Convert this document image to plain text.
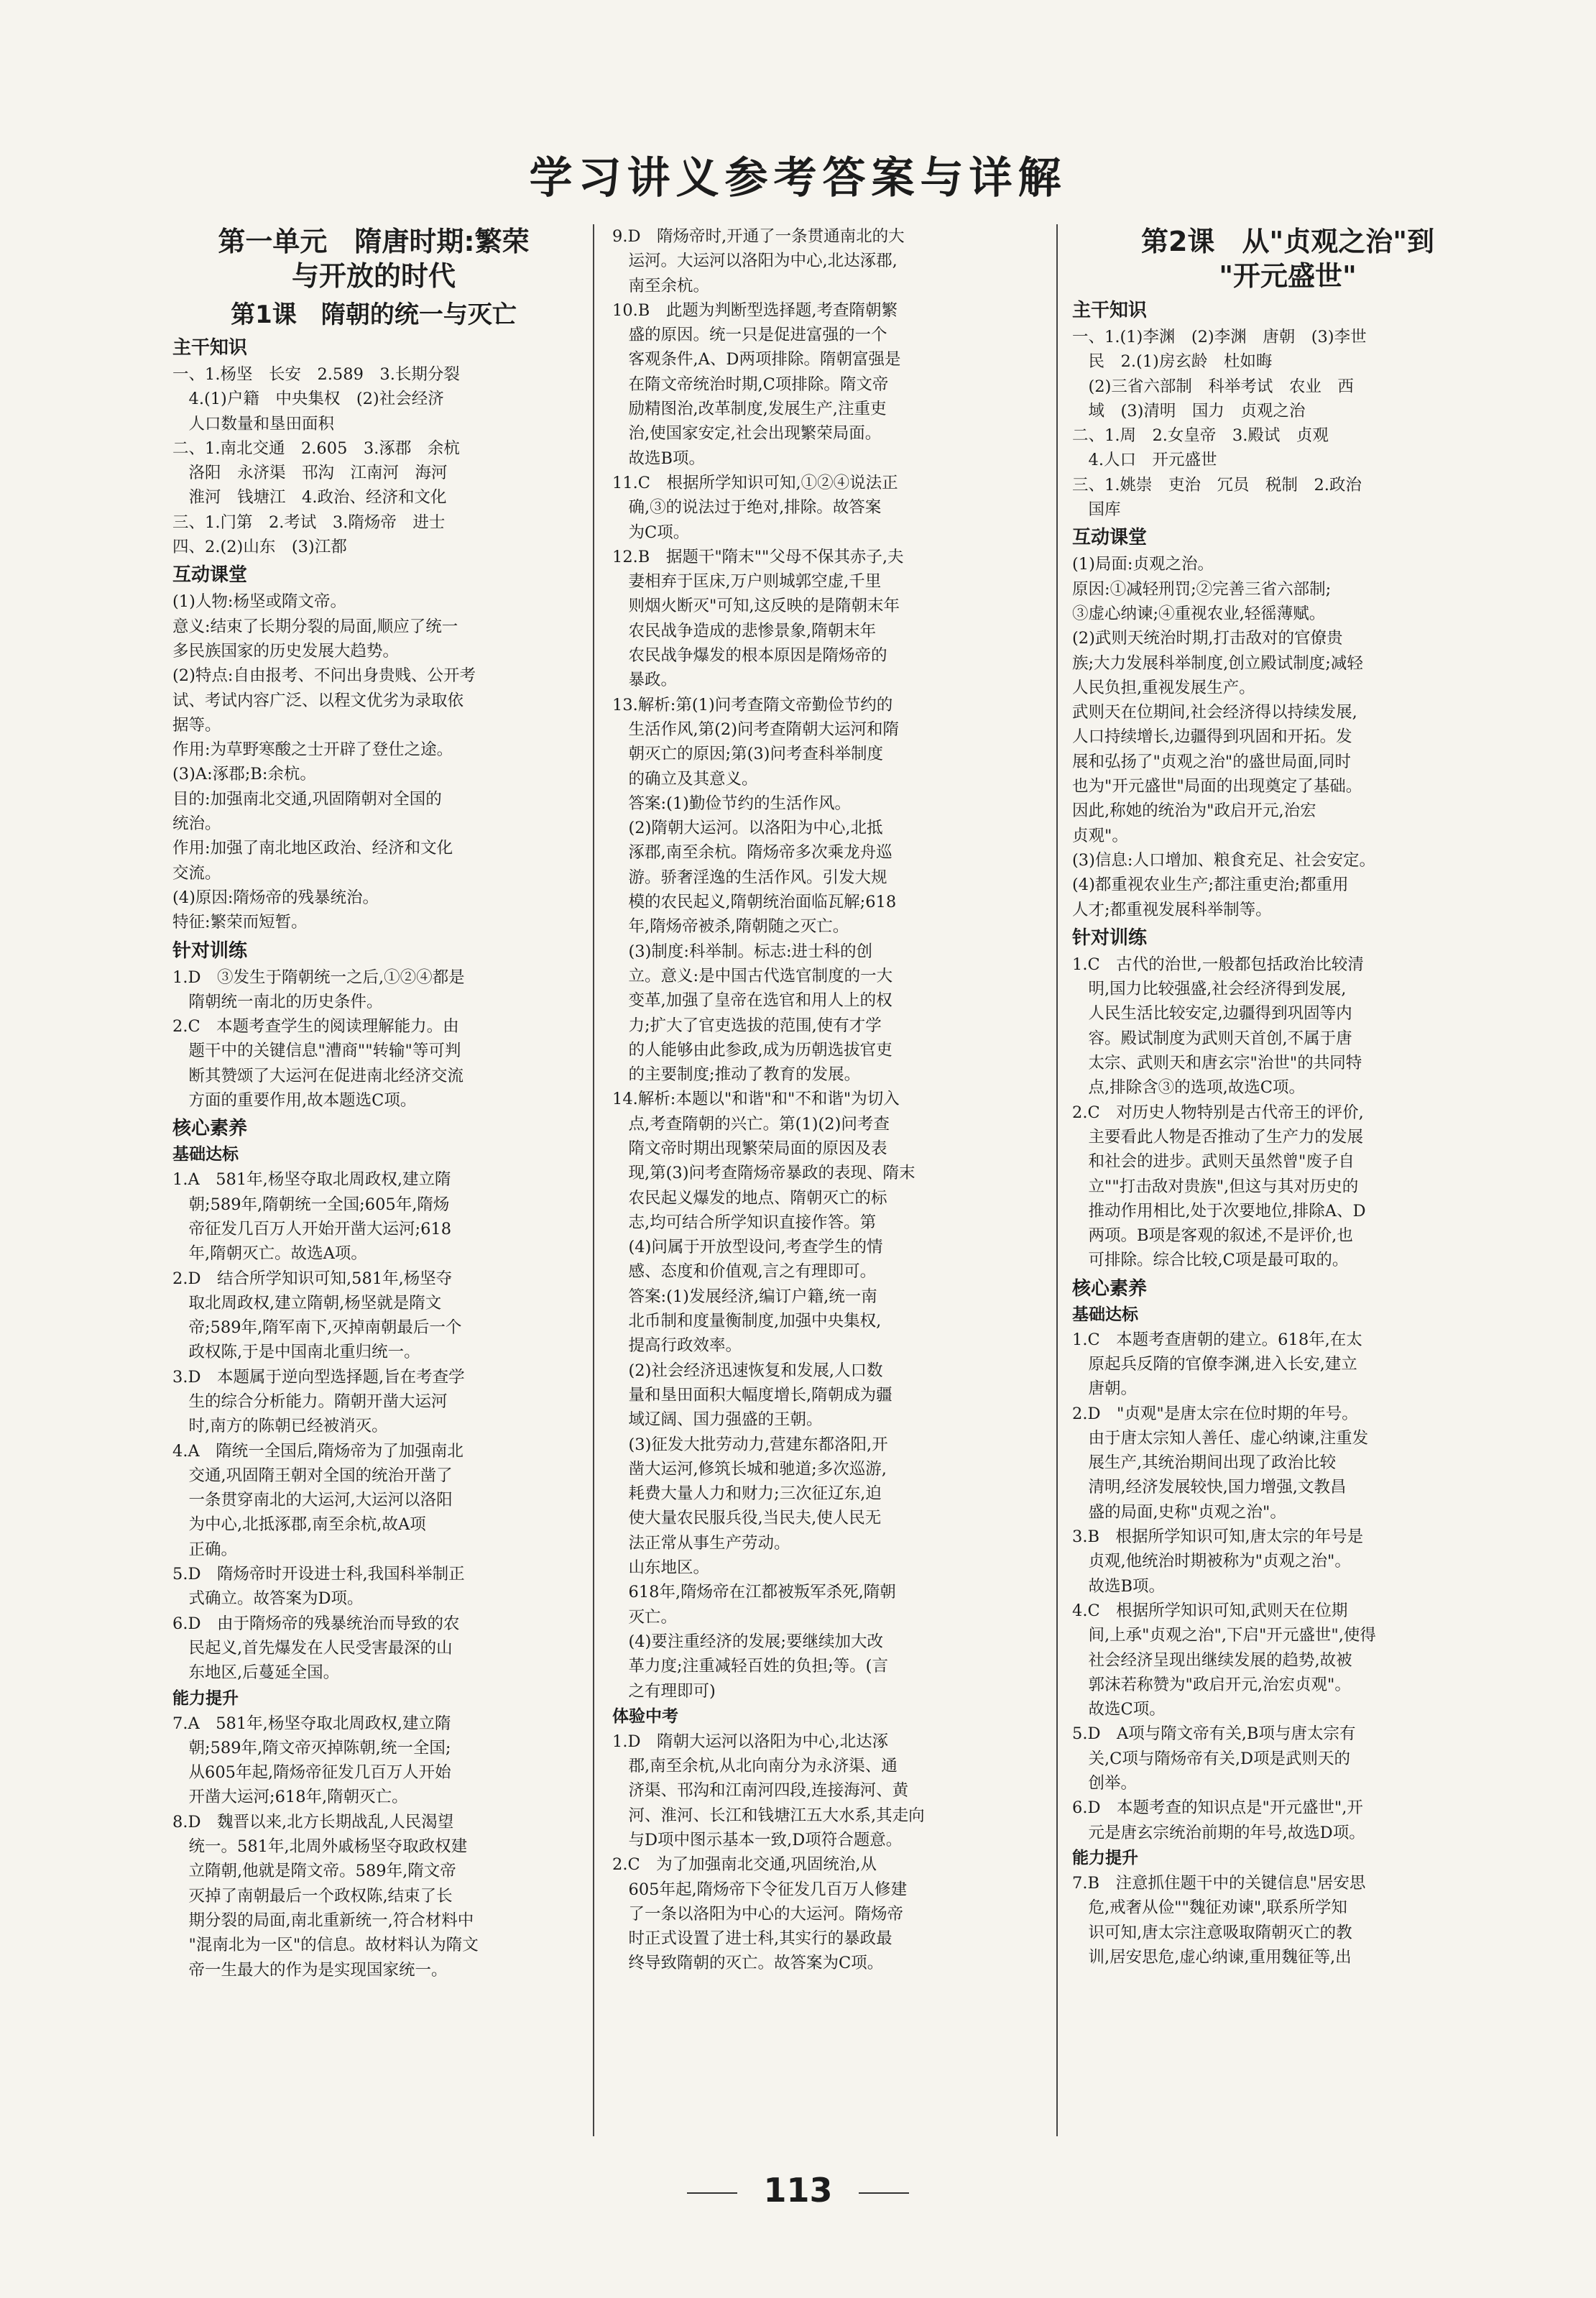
学习讲义参考答案与详解
第一单元　隋唐时期:繁荣
与开放的时代
第1课　隋朝的统一与灭亡
主干知识
一、1.杨坚　长安　2.589　3.长期分裂
　4.(1)户籍　中央集权　(2)社会经济
　人口数量和垦田面积
二、1.南北交通　2.605　3.涿郡　余杭
　洛阳　永济渠　邗沟　江南河　海河
　淮河　钱塘江　4.政治、经济和文化
三、1.门第　2.考试　3.隋炀帝　进士
四、2.(2)山东　(3)江都
互动课堂
(1)人物:杨坚或隋文帝。
意义:结束了长期分裂的局面,顺应了统一
多民族国家的历史发展大趋势。
(2)特点:自由报考、不问出身贵贱、公开考
试、考试内容广泛、以程文优劣为录取依
据等。
作用:为草野寒酸之士开辟了登仕之途。
(3)A:涿郡;B:余杭。
目的:加强南北交通,巩固隋朝对全国的
统治。
作用:加强了南北地区政治、经济和文化
交流。
(4)原因:隋炀帝的残暴统治。
特征:繁荣而短暂。
针对训练
1.D　③发生于隋朝统一之后,①②④都是
　隋朝统一南北的历史条件。
2.C　本题考查学生的阅读理解能力。由
　题干中的关键信息"漕商""转输"等可判
　断其赞颂了大运河在促进南北经济交流
　方面的重要作用,故本题选C项。
核心素养
基础达标
1.A　581年,杨坚夺取北周政权,建立隋
　朝;589年,隋朝统一全国;605年,隋炀
　帝征发几百万人开始开凿大运河;618
　年,隋朝灭亡。故选A项。
2.D　结合所学知识可知,581年,杨坚夺
　取北周政权,建立隋朝,杨坚就是隋文
　帝;589年,隋军南下,灭掉南朝最后一个
　政权陈,于是中国南北重归统一。
3.D　本题属于逆向型选择题,旨在考查学
　生的综合分析能力。隋朝开凿大运河
　时,南方的陈朝已经被消灭。
4.A　隋统一全国后,隋炀帝为了加强南北
　交通,巩固隋王朝对全国的统治开凿了
　一条贯穿南北的大运河,大运河以洛阳
　为中心,北抵涿郡,南至余杭,故A项
　正确。
5.D　隋炀帝时开设进士科,我国科举制正
　式确立。故答案为D项。
6.D　由于隋炀帝的残暴统治而导致的农
　民起义,首先爆发在人民受害最深的山
　东地区,后蔓延全国。
能力提升
7.A　581年,杨坚夺取北周政权,建立隋
　朝;589年,隋文帝灭掉陈朝,统一全国;
　从605年起,隋炀帝征发几百万人开始
　开凿大运河;618年,隋朝灭亡。
8.D　魏晋以来,北方长期战乱,人民渴望
　统一。581年,北周外戚杨坚夺取政权建
　立隋朝,他就是隋文帝。589年,隋文帝
　灭掉了南朝最后一个政权陈,结束了长
　期分裂的局面,南北重新统一,符合材料中
　"混南北为一区"的信息。故材料认为隋文
　帝一生最大的作为是实现国家统一。
9.D　隋炀帝时,开通了一条贯通南北的大
　运河。大运河以洛阳为中心,北达涿郡,
　南至余杭。
10.B　此题为判断型选择题,考查隋朝繁
　盛的原因。统一只是促进富强的一个
　客观条件,A、D两项排除。隋朝富强是
　在隋文帝统治时期,C项排除。隋文帝
　励精图治,改革制度,发展生产,注重吏
　治,使国家安定,社会出现繁荣局面。
　故选B项。
11.C　根据所学知识可知,①②④说法正
　确,③的说法过于绝对,排除。故答案
　为C项。
12.B　据题干"隋末""父母不保其赤子,夫
　妻相弃于匡床,万户则城郭空虚,千里
　则烟火断灭"可知,这反映的是隋朝末年
　农民战争造成的悲惨景象,隋朝末年
　农民战争爆发的根本原因是隋炀帝的
　暴政。
13.解析:第(1)问考查隋文帝勤俭节约的
　生活作风,第(2)问考查隋朝大运河和隋
　朝灭亡的原因;第(3)问考查科举制度
　的确立及其意义。
　答案:(1)勤俭节约的生活作风。
　(2)隋朝大运河。以洛阳为中心,北抵
　涿郡,南至余杭。隋炀帝多次乘龙舟巡
　游。骄奢淫逸的生活作风。引发大规
　模的农民起义,隋朝统治面临瓦解;618
　年,隋炀帝被杀,隋朝随之灭亡。
　(3)制度:科举制。标志:进士科的创
　立。意义:是中国古代选官制度的一大
　变革,加强了皇帝在选官和用人上的权
　力;扩大了官吏选拔的范围,使有才学
　的人能够由此参政,成为历朝选拔官吏
　的主要制度;推动了教育的发展。
14.解析:本题以"和谐"和"不和谐"为切入
　点,考查隋朝的兴亡。第(1)(2)问考查
　隋文帝时期出现繁荣局面的原因及表
　现,第(3)问考查隋炀帝暴政的表现、隋末
　农民起义爆发的地点、隋朝灭亡的标
　志,均可结合所学知识直接作答。第
　(4)问属于开放型设问,考查学生的情
　感、态度和价值观,言之有理即可。
　答案:(1)发展经济,编订户籍,统一南
　北币制和度量衡制度,加强中央集权,
　提高行政效率。
　(2)社会经济迅速恢复和发展,人口数
　量和垦田面积大幅度增长,隋朝成为疆
　域辽阔、国力强盛的王朝。
　(3)征发大批劳动力,营建东都洛阳,开
　凿大运河,修筑长城和驰道;多次巡游,
　耗费大量人力和财力;三次征辽东,迫
　使大量农民服兵役,当民夫,使人民无
　法正常从事生产劳动。
　山东地区。
　618年,隋炀帝在江都被叛军杀死,隋朝
　灭亡。
　(4)要注重经济的发展;要继续加大改
　革力度;注重减轻百姓的负担;等。(言
　之有理即可)
体验中考
1.D　隋朝大运河以洛阳为中心,北达涿
　郡,南至余杭,从北向南分为永济渠、通
　济渠、邗沟和江南河四段,连接海河、黄
　河、淮河、长江和钱塘江五大水系,其走向
　与D项中图示基本一致,D项符合题意。
2.C　为了加强南北交通,巩固统治,从
　605年起,隋炀帝下令征发几百万人修建
　了一条以洛阳为中心的大运河。隋炀帝
　时正式设置了进士科,其实行的暴政最
　终导致隋朝的灭亡。故答案为C项。
第2课　从"贞观之治"到
"开元盛世"
主干知识
一、1.(1)李渊　(2)李渊　唐朝　(3)李世
　民　2.(1)房玄龄　杜如晦
　(2)三省六部制　科举考试　农业　西
　域　(3)清明　国力　贞观之治
二、1.周　2.女皇帝　3.殿试　贞观
　4.人口　开元盛世
三、1.姚崇　吏治　冗员　税制　2.政治
　国库
互动课堂
(1)局面:贞观之治。
原因:①减轻刑罚;②完善三省六部制;
③虚心纳谏;④重视农业,轻徭薄赋。
(2)武则天统治时期,打击敌对的官僚贵
族;大力发展科举制度,创立殿试制度;减轻
人民负担,重视发展生产。
武则天在位期间,社会经济得以持续发展,
人口持续增长,边疆得到巩固和开拓。发
展和弘扬了"贞观之治"的盛世局面,同时
也为"开元盛世"局面的出现奠定了基础。
因此,称她的统治为"政启开元,治宏
贞观"。
(3)信息:人口增加、粮食充足、社会安定。
(4)都重视农业生产;都注重吏治;都重用
人才;都重视发展科举制等。
针对训练
1.C　古代的治世,一般都包括政治比较清
　明,国力比较强盛,社会经济得到发展,
　人民生活比较安定,边疆得到巩固等内
　容。殿试制度为武则天首创,不属于唐
　太宗、武则天和唐玄宗"治世"的共同特
　点,排除含③的选项,故选C项。
2.C　对历史人物特别是古代帝王的评价,
　主要看此人物是否推动了生产力的发展
　和社会的进步。武则天虽然曾"废子自
　立""打击敌对贵族",但这与其对历史的
　推动作用相比,处于次要地位,排除A、D
　两项。B项是客观的叙述,不是评价,也
　可排除。综合比较,C项是最可取的。
核心素养
基础达标
1.C　本题考查唐朝的建立。618年,在太
　原起兵反隋的官僚李渊,进入长安,建立
　唐朝。
2.D　"贞观"是唐太宗在位时期的年号。
　由于唐太宗知人善任、虚心纳谏,注重发
　展生产,其统治期间出现了政治比较
　清明,经济发展较快,国力增强,文教昌
　盛的局面,史称"贞观之治"。
3.B　根据所学知识可知,唐太宗的年号是
　贞观,他统治时期被称为"贞观之治"。
　故选B项。
4.C　根据所学知识可知,武则天在位期
　间,上承"贞观之治",下启"开元盛世",使得
　社会经济呈现出继续发展的趋势,故被
　郭沫若称赞为"政启开元,治宏贞观"。
　故选C项。
5.D　A项与隋文帝有关,B项与唐太宗有
　关,C项与隋炀帝有关,D项是武则天的
　创举。
6.D　本题考查的知识点是"开元盛世",开
　元是唐玄宗统治前期的年号,故选D项。
能力提升
7.B　注意抓住题干中的关键信息"居安思
　危,戒奢从俭""魏征劝谏",联系所学知
　识可知,唐太宗注意吸取隋朝灭亡的教
　训,居安思危,虚心纳谏,重用魏征等,出
113
